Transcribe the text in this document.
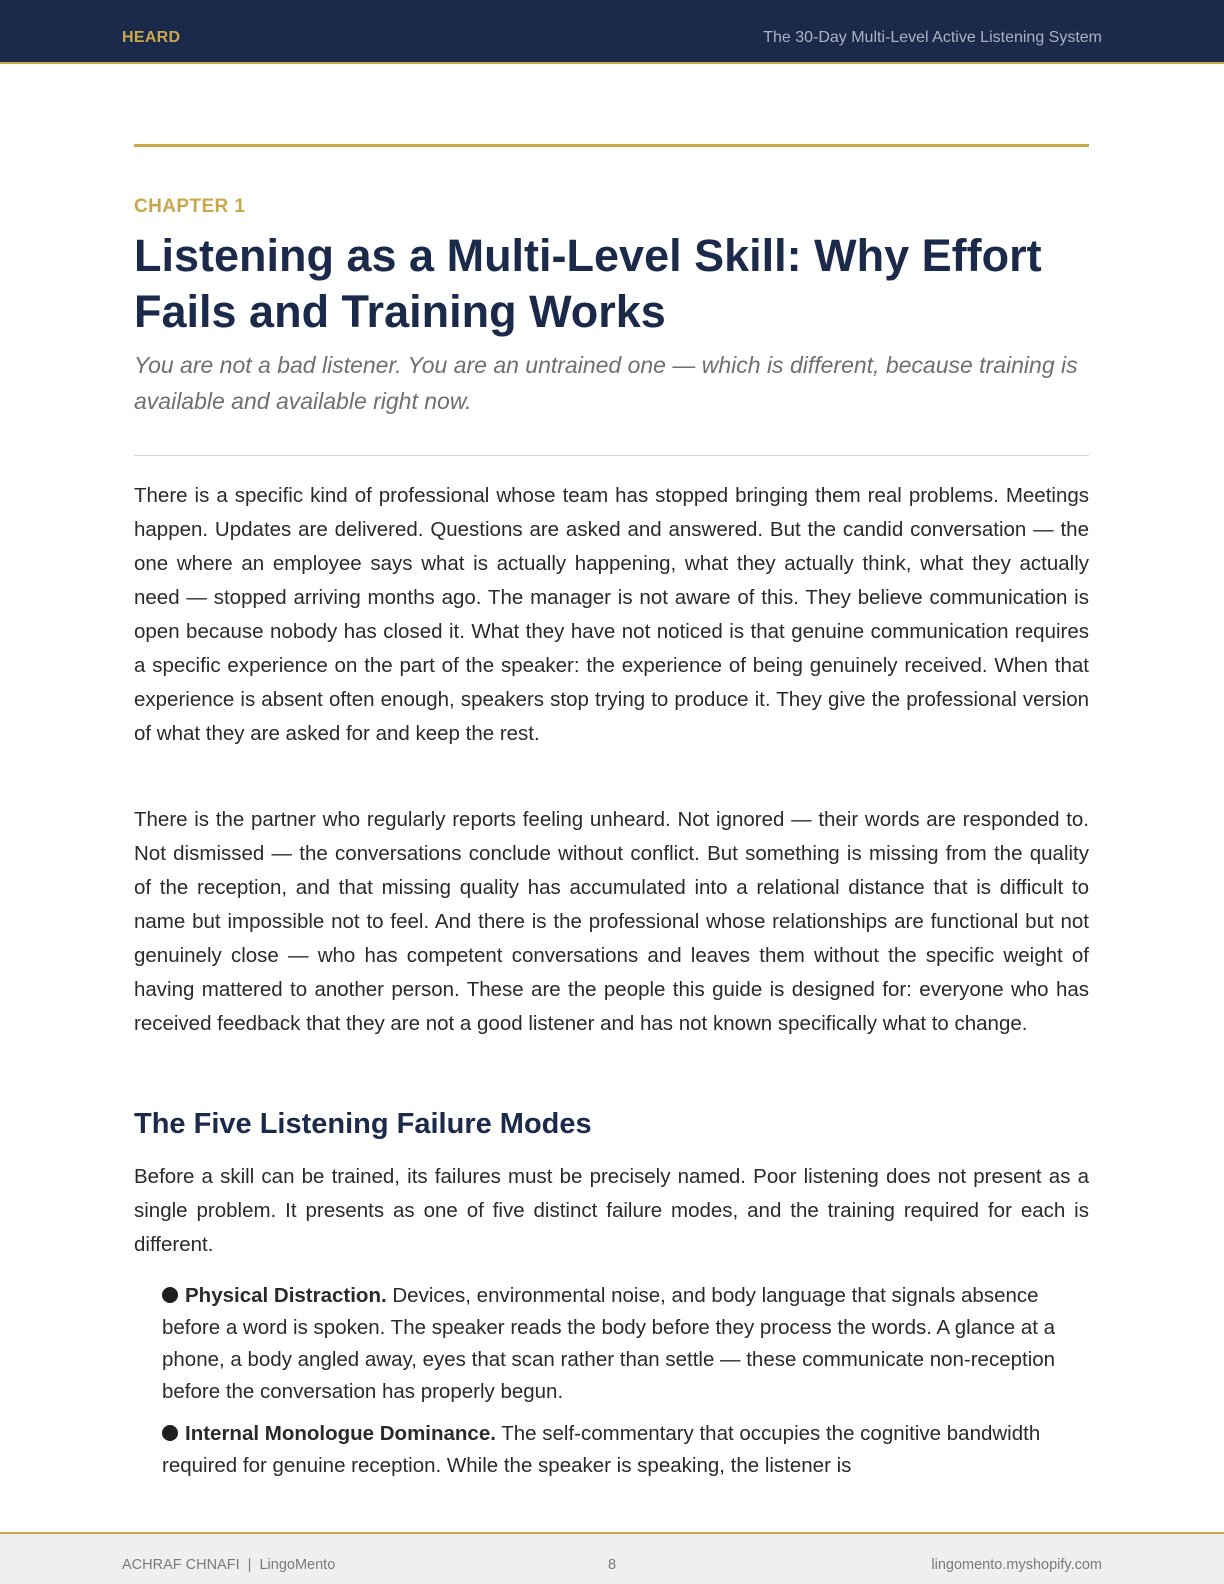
HEARD	The 30-Day Multi-Level Active Listening System
CHAPTER 1
Listening as a Multi-Level Skill: Why Effort Fails and Training Works
You are not a bad listener. You are an untrained one — which is different, because training is available and available right now.

There is a specific kind of professional whose team has stopped bringing them real problems. Meetings happen. Updates are delivered. Questions are asked and answered. But the candid conversation — the one where an employee says what is actually happening, what they actually think, what they actually need — stopped arriving months ago. The manager is not aware of this. They believe communication is open because nobody has closed it. What they have not noticed is that genuine communication requires a specific experience on the part of the speaker: the experience of being genuinely received. When that experience is absent often enough, speakers stop trying to produce it. They give the professional version of what they are asked for and keep the rest.

There is the partner who regularly reports feeling unheard. Not ignored — their words are responded to. Not dismissed — the conversations conclude without conflict. But something is missing from the quality of the reception, and that missing quality has accumulated into a relational distance that is difficult to name but impossible not to feel. And there is the professional whose relationships are functional but not genuinely close — who has competent conversations and leaves them without the specific weight of having mattered to another person. These are the people this guide is designed for: everyone who has received feedback that they are not a good listener and has not known specifically what to change.

The Five Listening Failure Modes

Before a skill can be trained, its failures must be precisely named. Poor listening does not present as a single problem. It presents as one of five distinct failure modes, and the training required for each is different.

Physical Distraction. Devices, environmental noise, and body language that signals absence before a word is spoken. The speaker reads the body before they process the words. A glance at a phone, a body angled away, eyes that scan rather than settle — these communicate non-reception before the conversation has properly begun.
Internal Monologue Dominance. The self-commentary that occupies the cognitive bandwidth required for genuine reception. While the speaker is speaking, the listener is
ACHRAF CHNAFI  |  LingoMento	8	lingomento.myshopify.com
